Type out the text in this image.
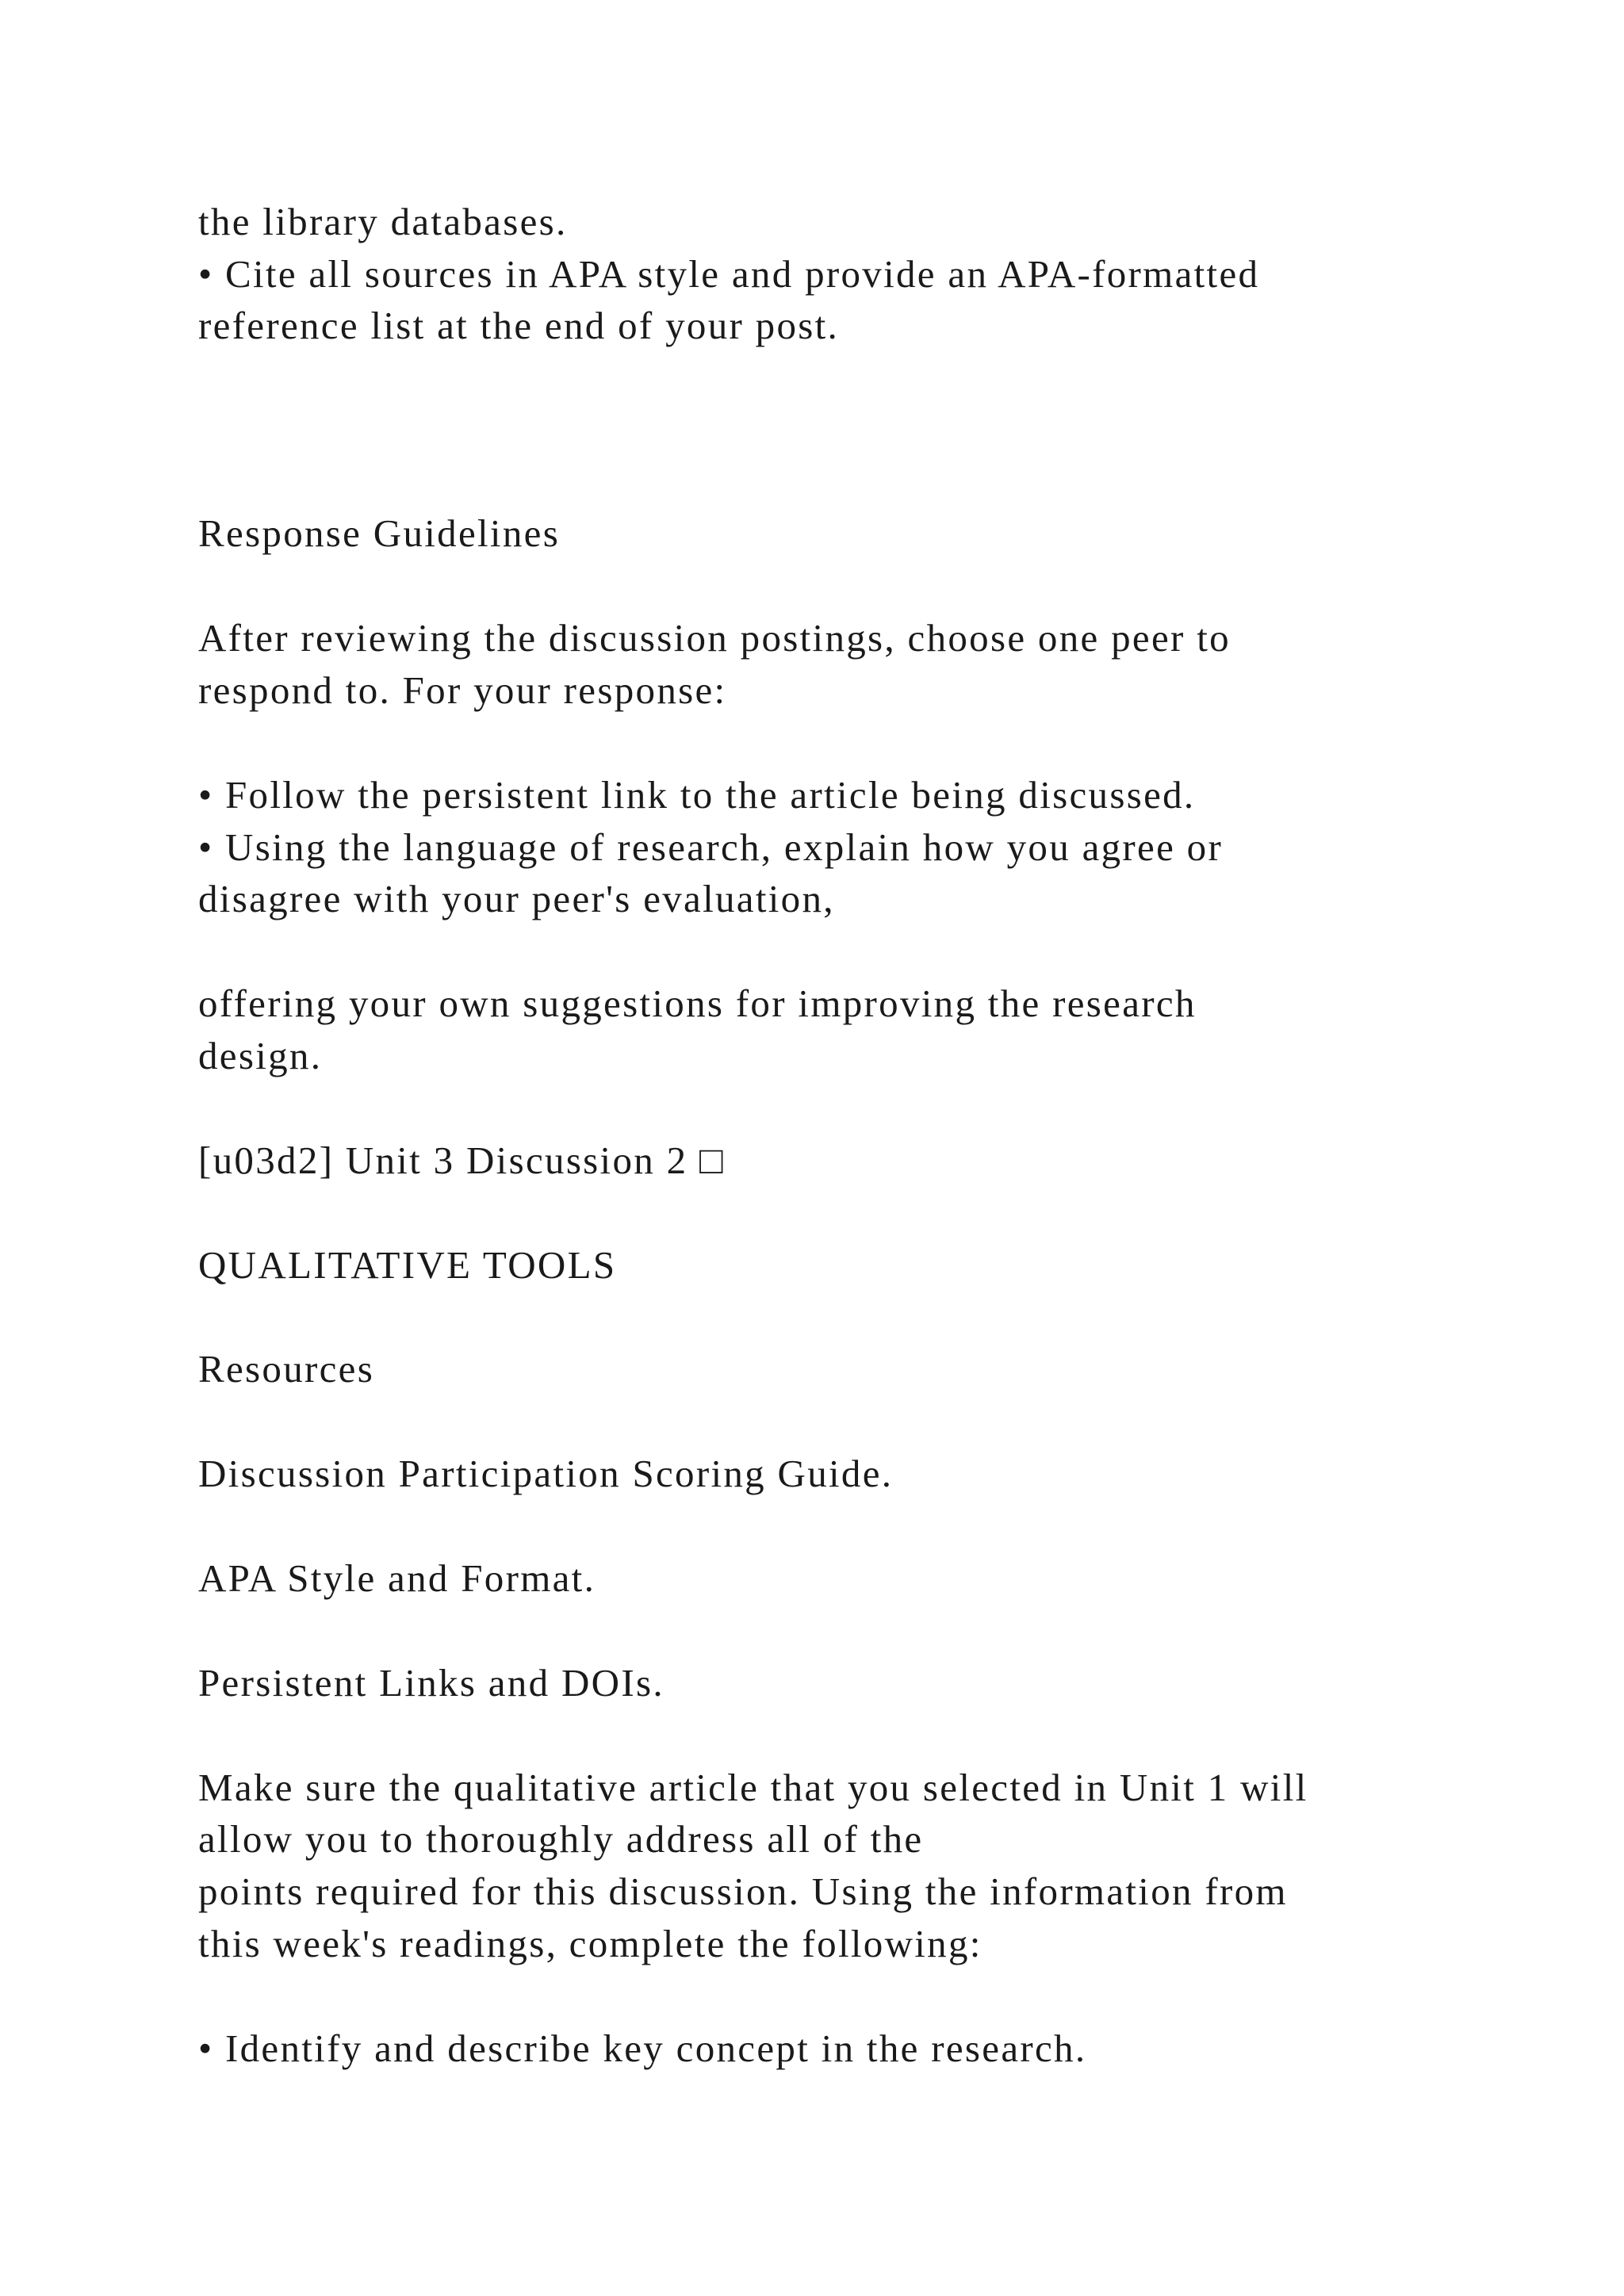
the library databases.

• Cite all sources in APA style and provide an APA-formatted

reference list at the end of your post.

Response Guidelines

After reviewing the discussion postings, choose one peer to

respond to. For your response:

• Follow the persistent link to the article being discussed.

• Using the language of research, explain how you agree or

disagree with your peer's evaluation,

offering your own suggestions for improving the research

design.

[u03d2] Unit 3 Discussion 2 □

QUALITATIVE TOOLS

Resources

Discussion Participation Scoring Guide.

APA Style and Format.

Persistent Links and DOIs.

Make sure the qualitative article that you selected in Unit 1 will

allow you to thoroughly address all of the

points required for this discussion. Using the information from

this week's readings, complete the following:

• Identify and describe key concept in the research.
